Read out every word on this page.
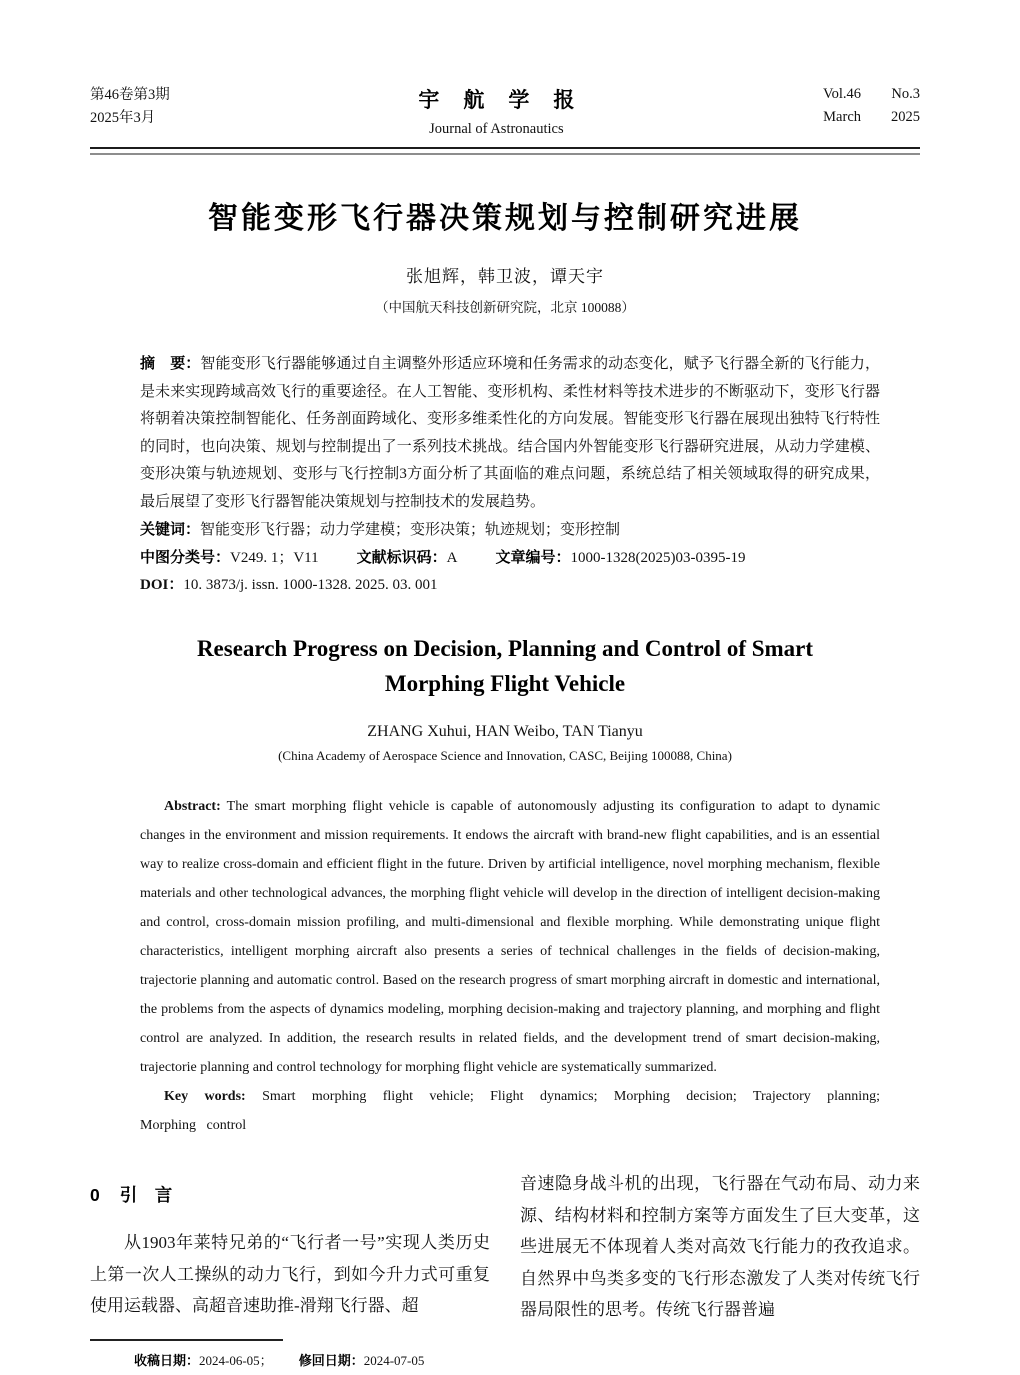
第46卷第3期
2025年3月
宇航学报
Journal of Astronautics
Vol.46 No.3
March 2025
智能变形飞行器决策规划与控制研究进展
张旭辉，韩卫波，谭天宇
（中国航天科技创新研究院，北京 100088）

摘　要：智能变形飞行器能够通过自主调整外形适应环境和任务需求的动态变化，赋予飞行器全新的飞行能力，是未来实现跨域高效飞行的重要途径。在人工智能、变形机构、柔性材料等技术进步的不断驱动下，变形飞行器将朝着决策控制智能化、任务剖面跨域化、变形多维柔性化的方向发展。智能变形飞行器在展现出独特飞行特性的同时，也向决策、规划与控制提出了一系列技术挑战。结合国内外智能变形飞行器研究进展，从动力学建模、变形决策与轨迹规划、变形与飞行控制3方面分析了其面临的难点问题，系统总结了相关领域取得的研究成果，最后展望了变形飞行器智能决策规划与控制技术的发展趋势。

关键词：智能变形飞行器；动力学建模；变形决策；轨迹规划；变形控制

中图分类号：V249. 1；V11	文献标识码：A	文章编号：1000-1328(2025)03-0395-19

DOI：10. 3873/j. issn. 1000-1328. 2025. 03. 001

Research Progress on Decision, Planning and Control of Smart
Morphing Flight Vehicle
ZHANG Xuhui, HAN Weibo, TAN Tianyu
(China Academy of Aerospace Science and Innovation, CASC, Beijing 100088, China)

Abstract: The smart morphing flight vehicle is capable of autonomously adjusting its configuration to adapt to dynamic changes in the environment and mission requirements. It endows the aircraft with brand-new flight capabilities, and is an essential way to realize cross-domain and efficient flight in the future. Driven by artificial intelligence, novel morphing mechanism, flexible materials and other technological advances, the morphing flight vehicle will develop in the direction of intelligent decision-making and control, cross-domain mission profiling, and multi-dimensional and flexible morphing. While demonstrating unique flight characteristics, intelligent morphing aircraft also presents a series of technical challenges in the fields of decision-making, trajectorie planning and automatic control. Based on the research progress of smart morphing aircraft in domestic and international, the problems from the aspects of dynamics modeling, morphing decision-making and trajectory planning, and morphing and flight control are analyzed. In addition, the research results in related fields, and the development trend of smart decision-making, trajectorie planning and control technology for morphing flight vehicle are systematically summarized.

Key words: Smart morphing flight vehicle; Flight dynamics; Morphing decision; Trajectory planning; Morphing control

0 引　言

从1903年莱特兄弟的“飞行者一号”实现人类历史上第一次人工操纵的动力飞行，到如今升力式可重复使用运载器、高超音速助推-滑翔飞行器、超

音速隐身战斗机的出现，飞行器在气动布局、动力来源、结构材料和控制方案等方面发生了巨大变革，这些进展无不体现着人类对高效飞行能力的孜孜追求。自然界中鸟类多变的飞行形态激发了人类对传统飞行器局限性的思考。传统飞行器普遍

收稿日期：2024-06-05； 修回日期：2024-07-05
